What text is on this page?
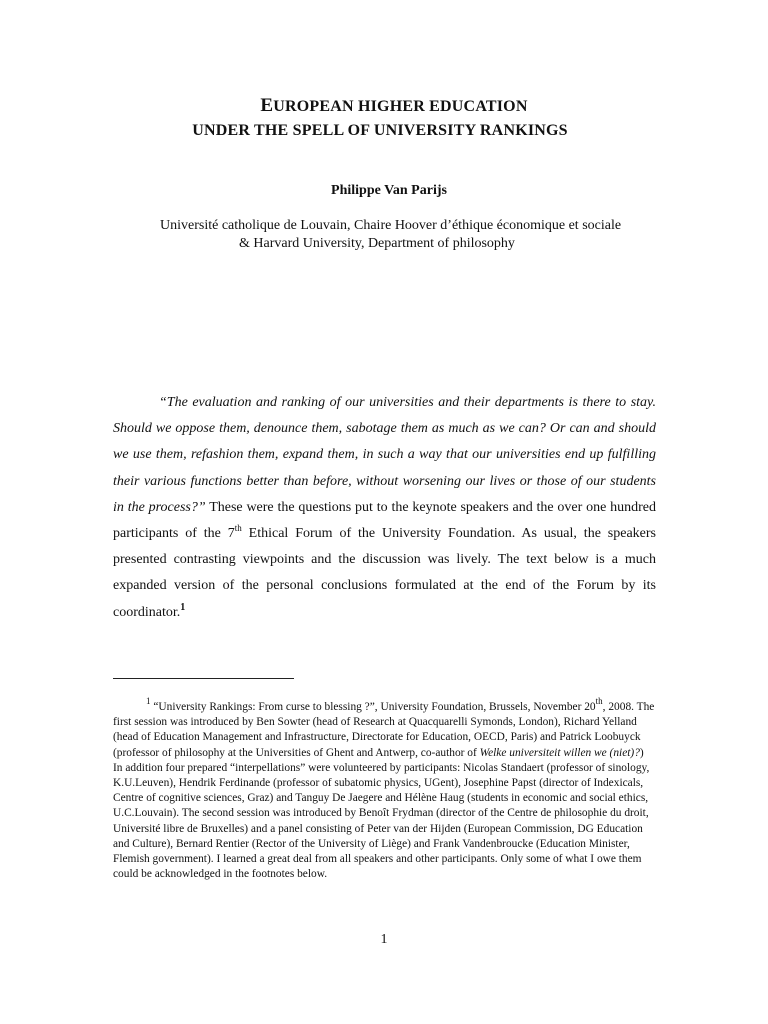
EUROPEAN HIGHER EDUCATION
UNDER THE SPELL OF UNIVERSITY RANKINGS
Philippe Van Parijs
Université catholique de Louvain, Chaire Hoover d’éthique économique et sociale
& Harvard University, Department of philosophy
“The evaluation and ranking of our universities and their departments is there to stay. Should we oppose them, denounce them, sabotage them as much as we can? Or can and should we use them, refashion them, expand them, in such a way that our universities end up fulfilling their various functions better than before, without worsening our lives or those of our students in the process?” These were the questions put to the keynote speakers and the over one hundred participants of the 7th Ethical Forum of the University Foundation. As usual, the speakers presented contrasting viewpoints and the discussion was lively. The text below is a much expanded version of the personal conclusions formulated at the end of the Forum by its coordinator.$^1$
$^1$ “University Rankings: From curse to blessing ?”, University Foundation, Brussels, November 20th, 2008. The first session was introduced by Ben Sowter (head of Research at Quacquarelli Symonds, London), Richard Yelland (head of Education Management and Infrastructure, Directorate for Education, OECD, Paris) and Patrick Loobuyck (professor of philosophy at the Universities of Ghent and Antwerp, co-author of Welke universiteit willen we (niet)?) In addition four prepared “interpellations” were volunteered by participants: Nicolas Standaert (professor of sinology, K.U.Leuven), Hendrik Ferdinande (professor of subatomic physics, UGent), Josephine Papst (director of Indexicals, Centre of cognitive sciences, Graz) and Tanguy De Jaegere and Hélène Haug (students in economic and social ethics, U.C.Louvain). The second session was introduced by Benoît Frydman (director of the Centre de philosophie du droit, Université libre de Bruxelles) and a panel consisting of Peter van der Hijden (European Commission, DG Education and Culture), Bernard Rentier (Rector of the University of Liège) and Frank Vandenbroucke (Education Minister, Flemish government). I learned a great deal from all speakers and other participants. Only some of what I owe them could be acknowledged in the footnotes below.
1
